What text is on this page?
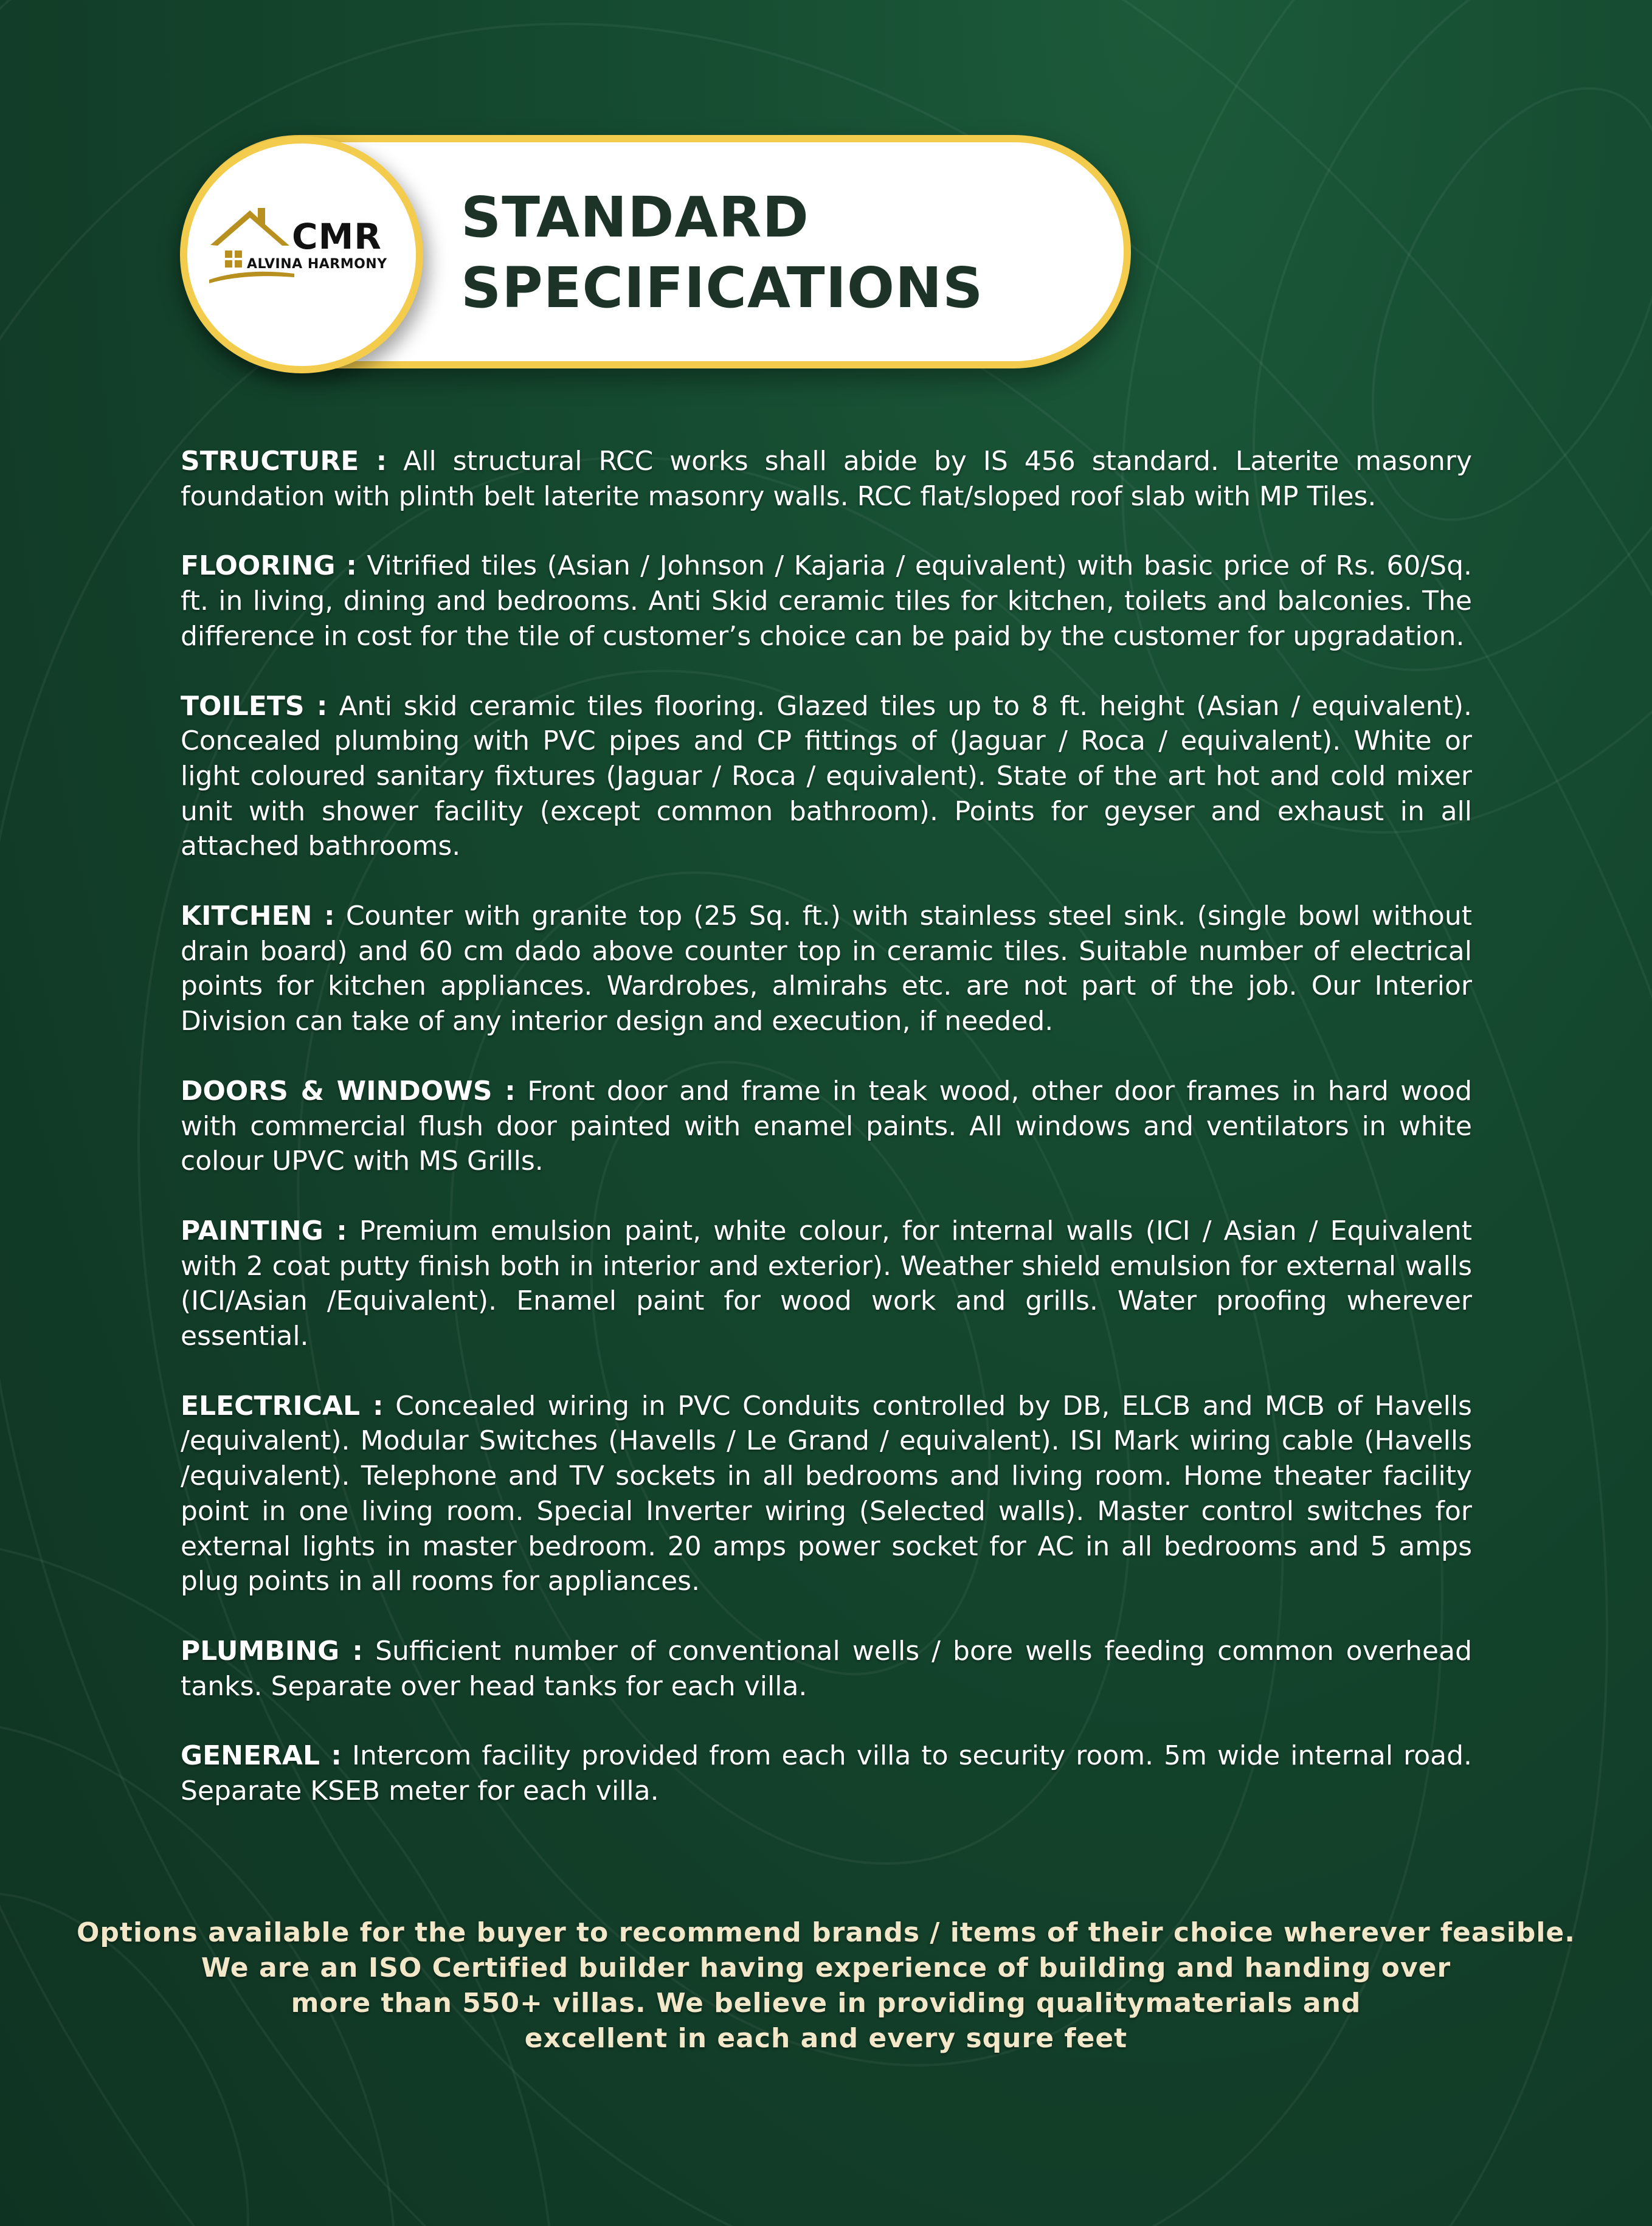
CMR
ALVINA HARMONY
STANDARD
SPECIFICATIONS

STRUCTURE : All structural RCC works shall abide by IS 456 standard. Laterite masonry foundation with plinth belt laterite masonry walls. RCC flat/sloped roof slab with MP Tiles.

FLOORING : Vitrified tiles (Asian / Johnson / Kajaria / equivalent) with basic price of Rs. 60/Sq. ft. in living, dining and bedrooms. Anti Skid ceramic tiles for kitchen, toilets and balconies. The difference in cost for the tile of customer’s choice can be paid by the customer for upgradation.

TOILETS : Anti skid ceramic tiles flooring. Glazed tiles up to 8 ft. height (Asian / equivalent). Concealed plumbing with PVC pipes and CP fittings of (Jaguar / Roca / equivalent). White or light coloured sanitary fixtures (Jaguar / Roca / equivalent). State of the art hot and cold mixer unit with shower facility (except common bathroom). Points for geyser and exhaust in all attached bathrooms.

KITCHEN : Counter with granite top (25 Sq. ft.) with stainless steel sink. (single bowl without drain board) and 60 cm dado above counter top in ceramic tiles. Suitable number of electrical points for kitchen appliances. Wardrobes, almirahs etc. are not part of the job. Our Interior Division can take of any interior design and execution, if needed.

DOORS & WINDOWS : Front door and frame in teak wood, other door frames in hard wood with commercial flush door painted with enamel paints. All windows and ventilators in white colour UPVC with MS Grills.

PAINTING : Premium emulsion paint, white colour, for internal walls (ICI / Asian / Equivalent with 2 coat putty finish both in interior and exterior). Weather shield emulsion for external walls (ICI/Asian /Equivalent). Enamel paint for wood work and grills. Water proofing wherever essential.

ELECTRICAL : Concealed wiring in PVC Conduits controlled by DB, ELCB and MCB of Havells /equivalent). Modular Switches (Havells / Le Grand / equivalent). ISI Mark wiring cable (Havells /equivalent). Telephone and TV sockets in all bedrooms and living room. Home theater facility point in one living room. Special Inverter wiring (Selected walls). Master control switches for external lights in master bedroom. 20 amps power socket for AC in all bedrooms and 5 amps plug points in all rooms for appliances.

PLUMBING : Sufficient number of conventional wells / bore wells feeding common overhead tanks. Separate over head tanks for each villa.

GENERAL : Intercom facility provided from each villa to security room. 5m wide internal road. Separate KSEB meter for each villa.

Options available for the buyer to recommend brands / items of their choice wherever feasible.
We are an ISO Certified builder having experience of building and handing over
more than 550+ villas. We believe in providing qualitymaterials and
excellent in each and every squre feet
